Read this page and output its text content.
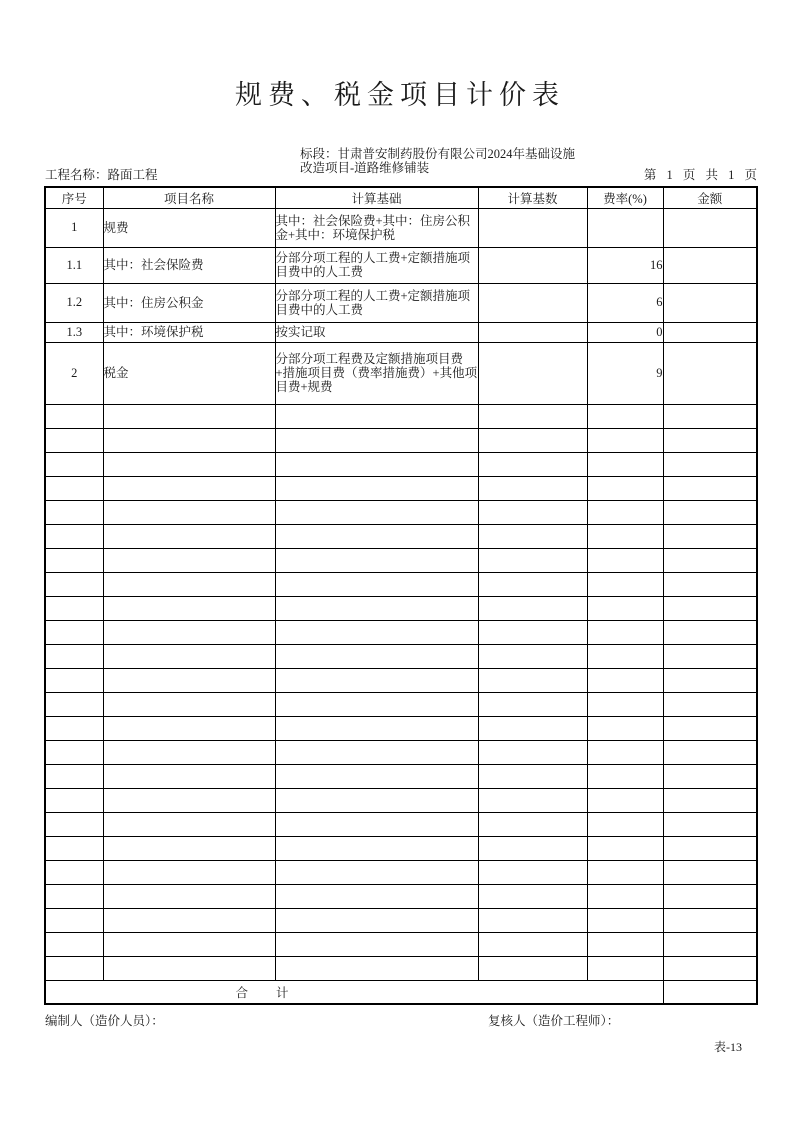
规费、税金项目计价表
工程名称：路面工程
标段：甘肃普安制药股份有限公司2024年基础设施
改造项目-道路维修铺装
第 1 页 共 1 页
序号	项目名称	计算基础	计算基数	费率(%)	金额
1	规费	其中：社会保险费+其中：住房公积金+其中：环境保护税			
1.1	其中：社会保险费	分部分项工程的人工费+定额措施项目费中的人工费		16	
1.2	其中：住房公积金	分部分项工程的人工费+定额措施项目费中的人工费		6	
1.3	其中：环境保护税	按实记取		0	
2	税金	分部分项工程费及定额措施项目费+措施项目费（费率措施费）+其他项目费+规费		9	

合　　计					

编制人（造价人员）：	复核人（造价工程师）：
表-13
